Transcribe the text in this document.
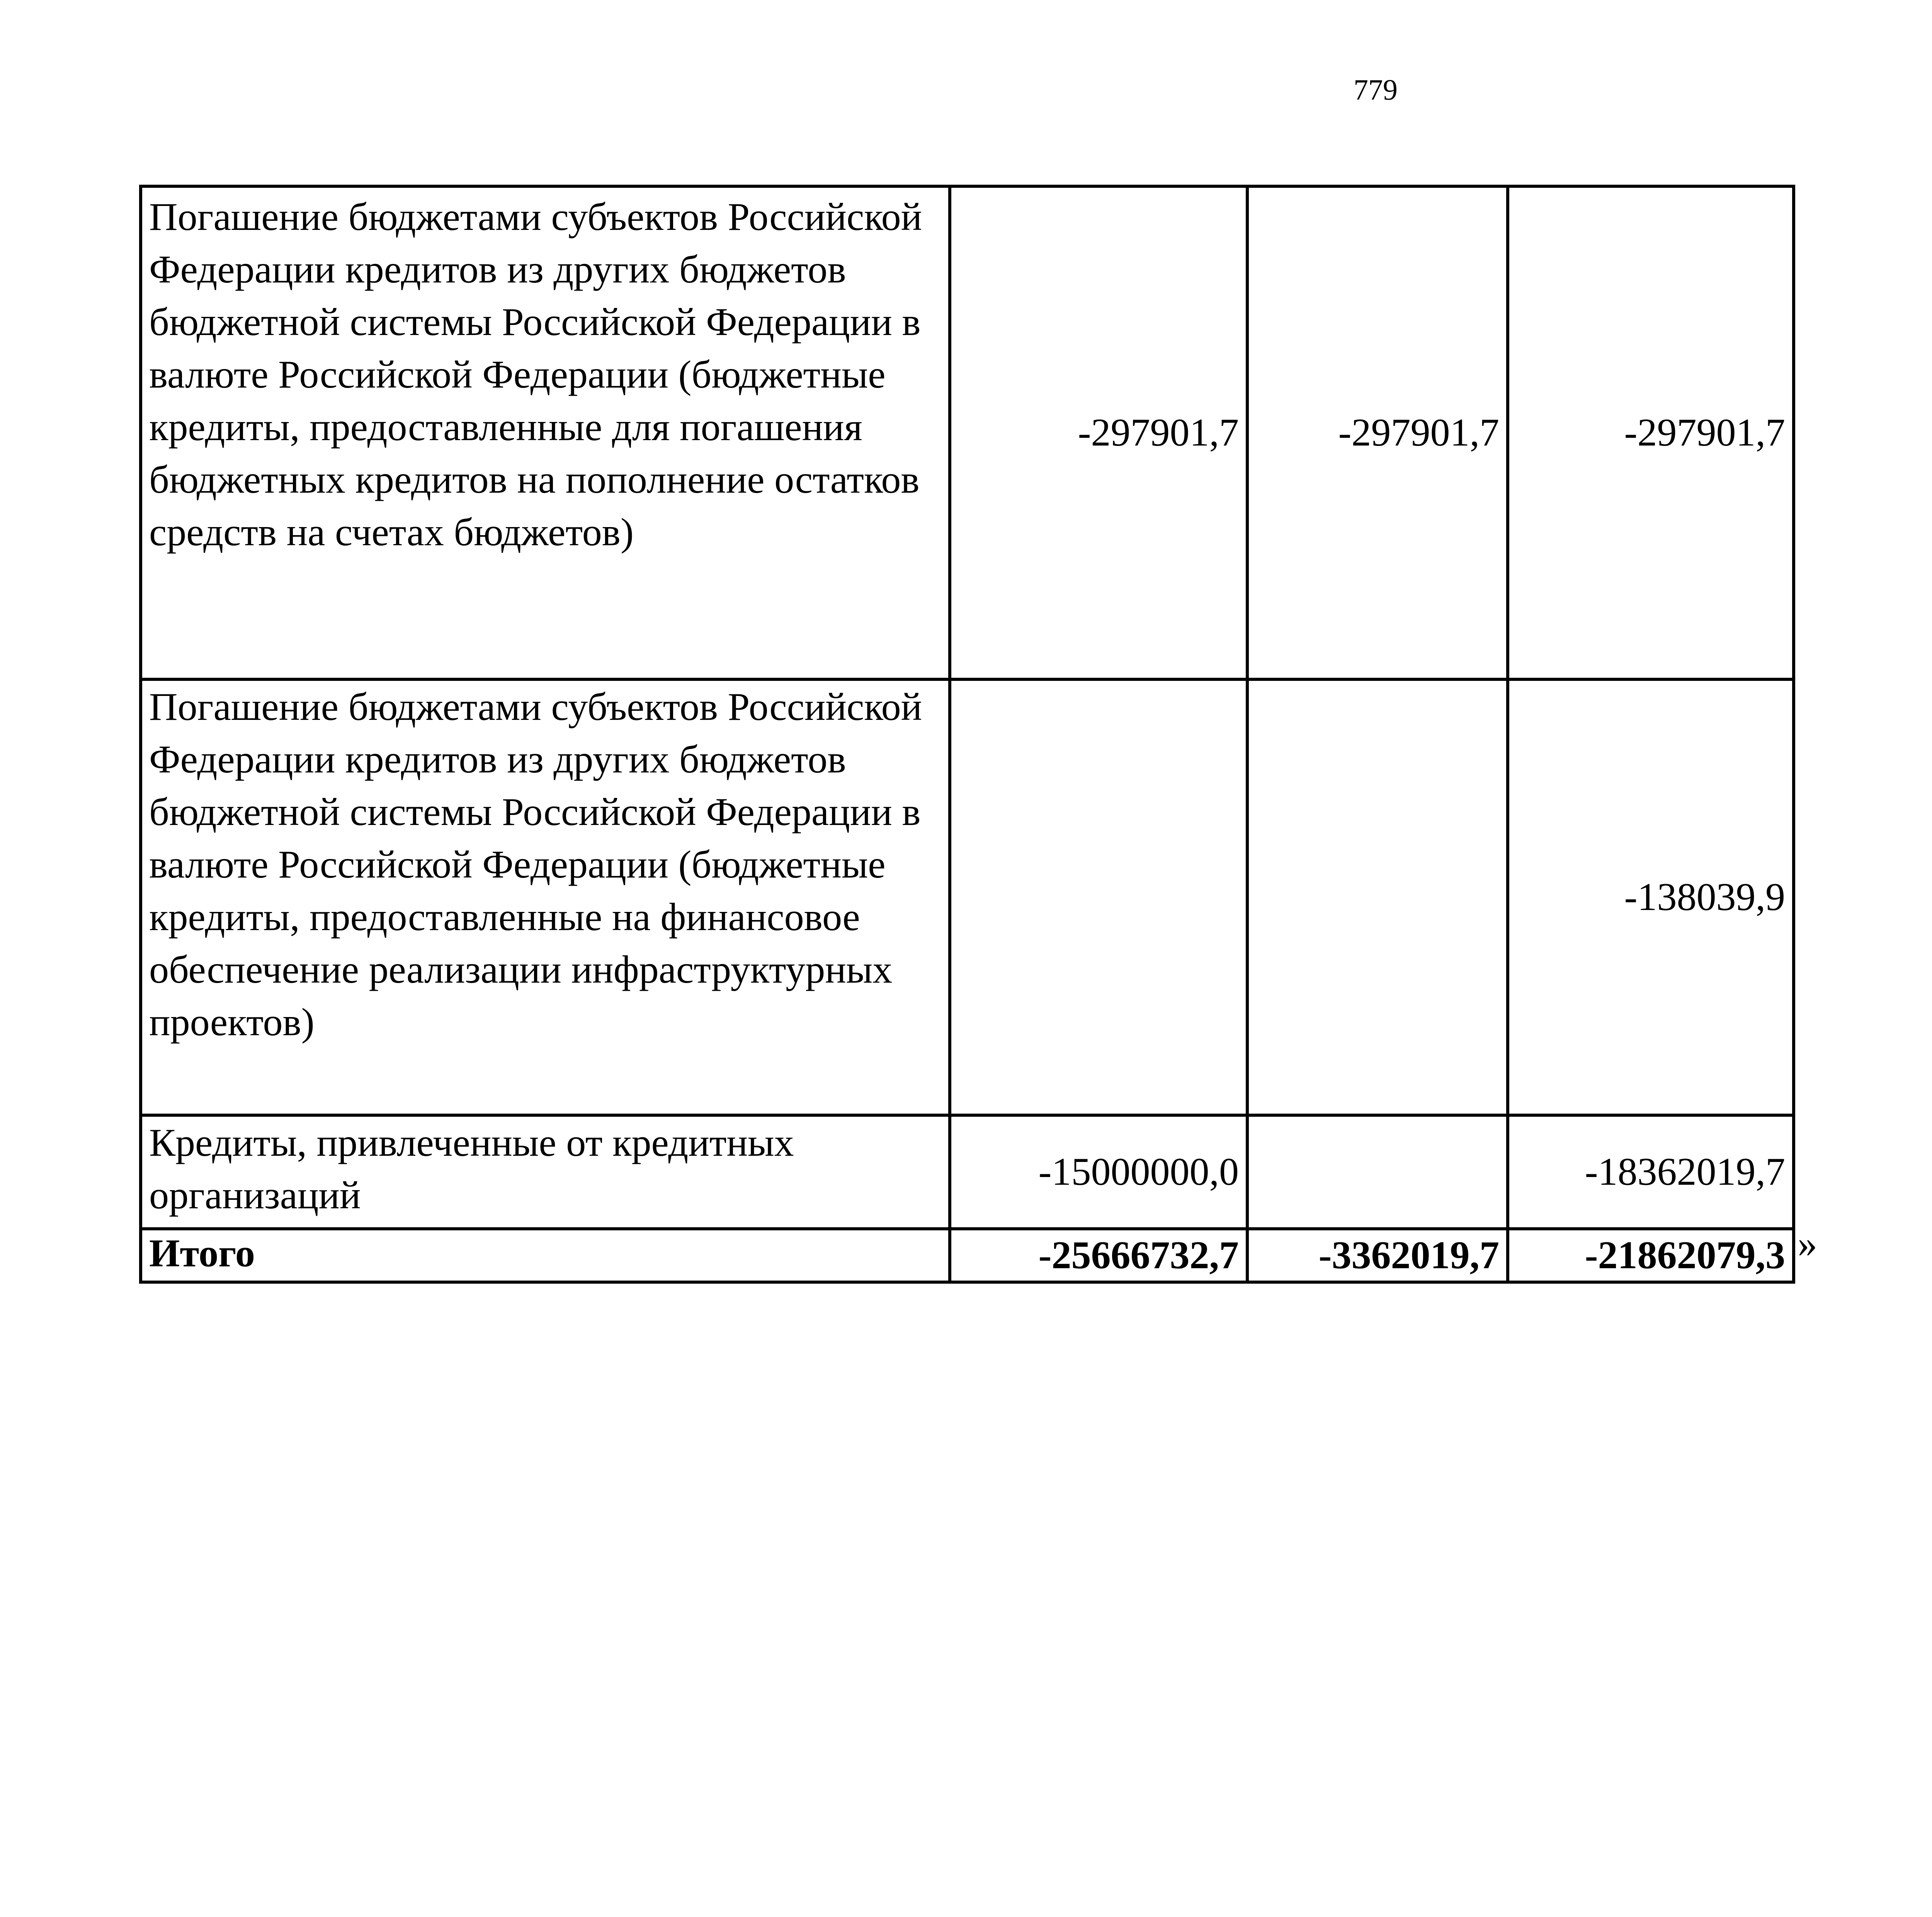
779
Погашение бюджетами субъектов Российской Федерации кредитов из других бюджетов бюджетной системы Российской Федерации в валюте Российской Федерации (бюджетные кредиты, предоставленные для погашения бюджетных кредитов на пополнение остатков средств на счетах бюджетов)	-297901,7	-297901,7	-297901,7
Погашение бюджетами субъектов Российской Федерации кредитов из других бюджетов бюджетной системы Российской Федерации в валюте Российской Федерации (бюджетные кредиты, предоставленные на финансовое обеспечение реализации инфраструктурных проектов)			-138039,9
Кредиты, привлеченные от кредитных организаций	-15000000,0		-18362019,7
Итого	-25666732,7	-3362019,7	-21862079,3 »
